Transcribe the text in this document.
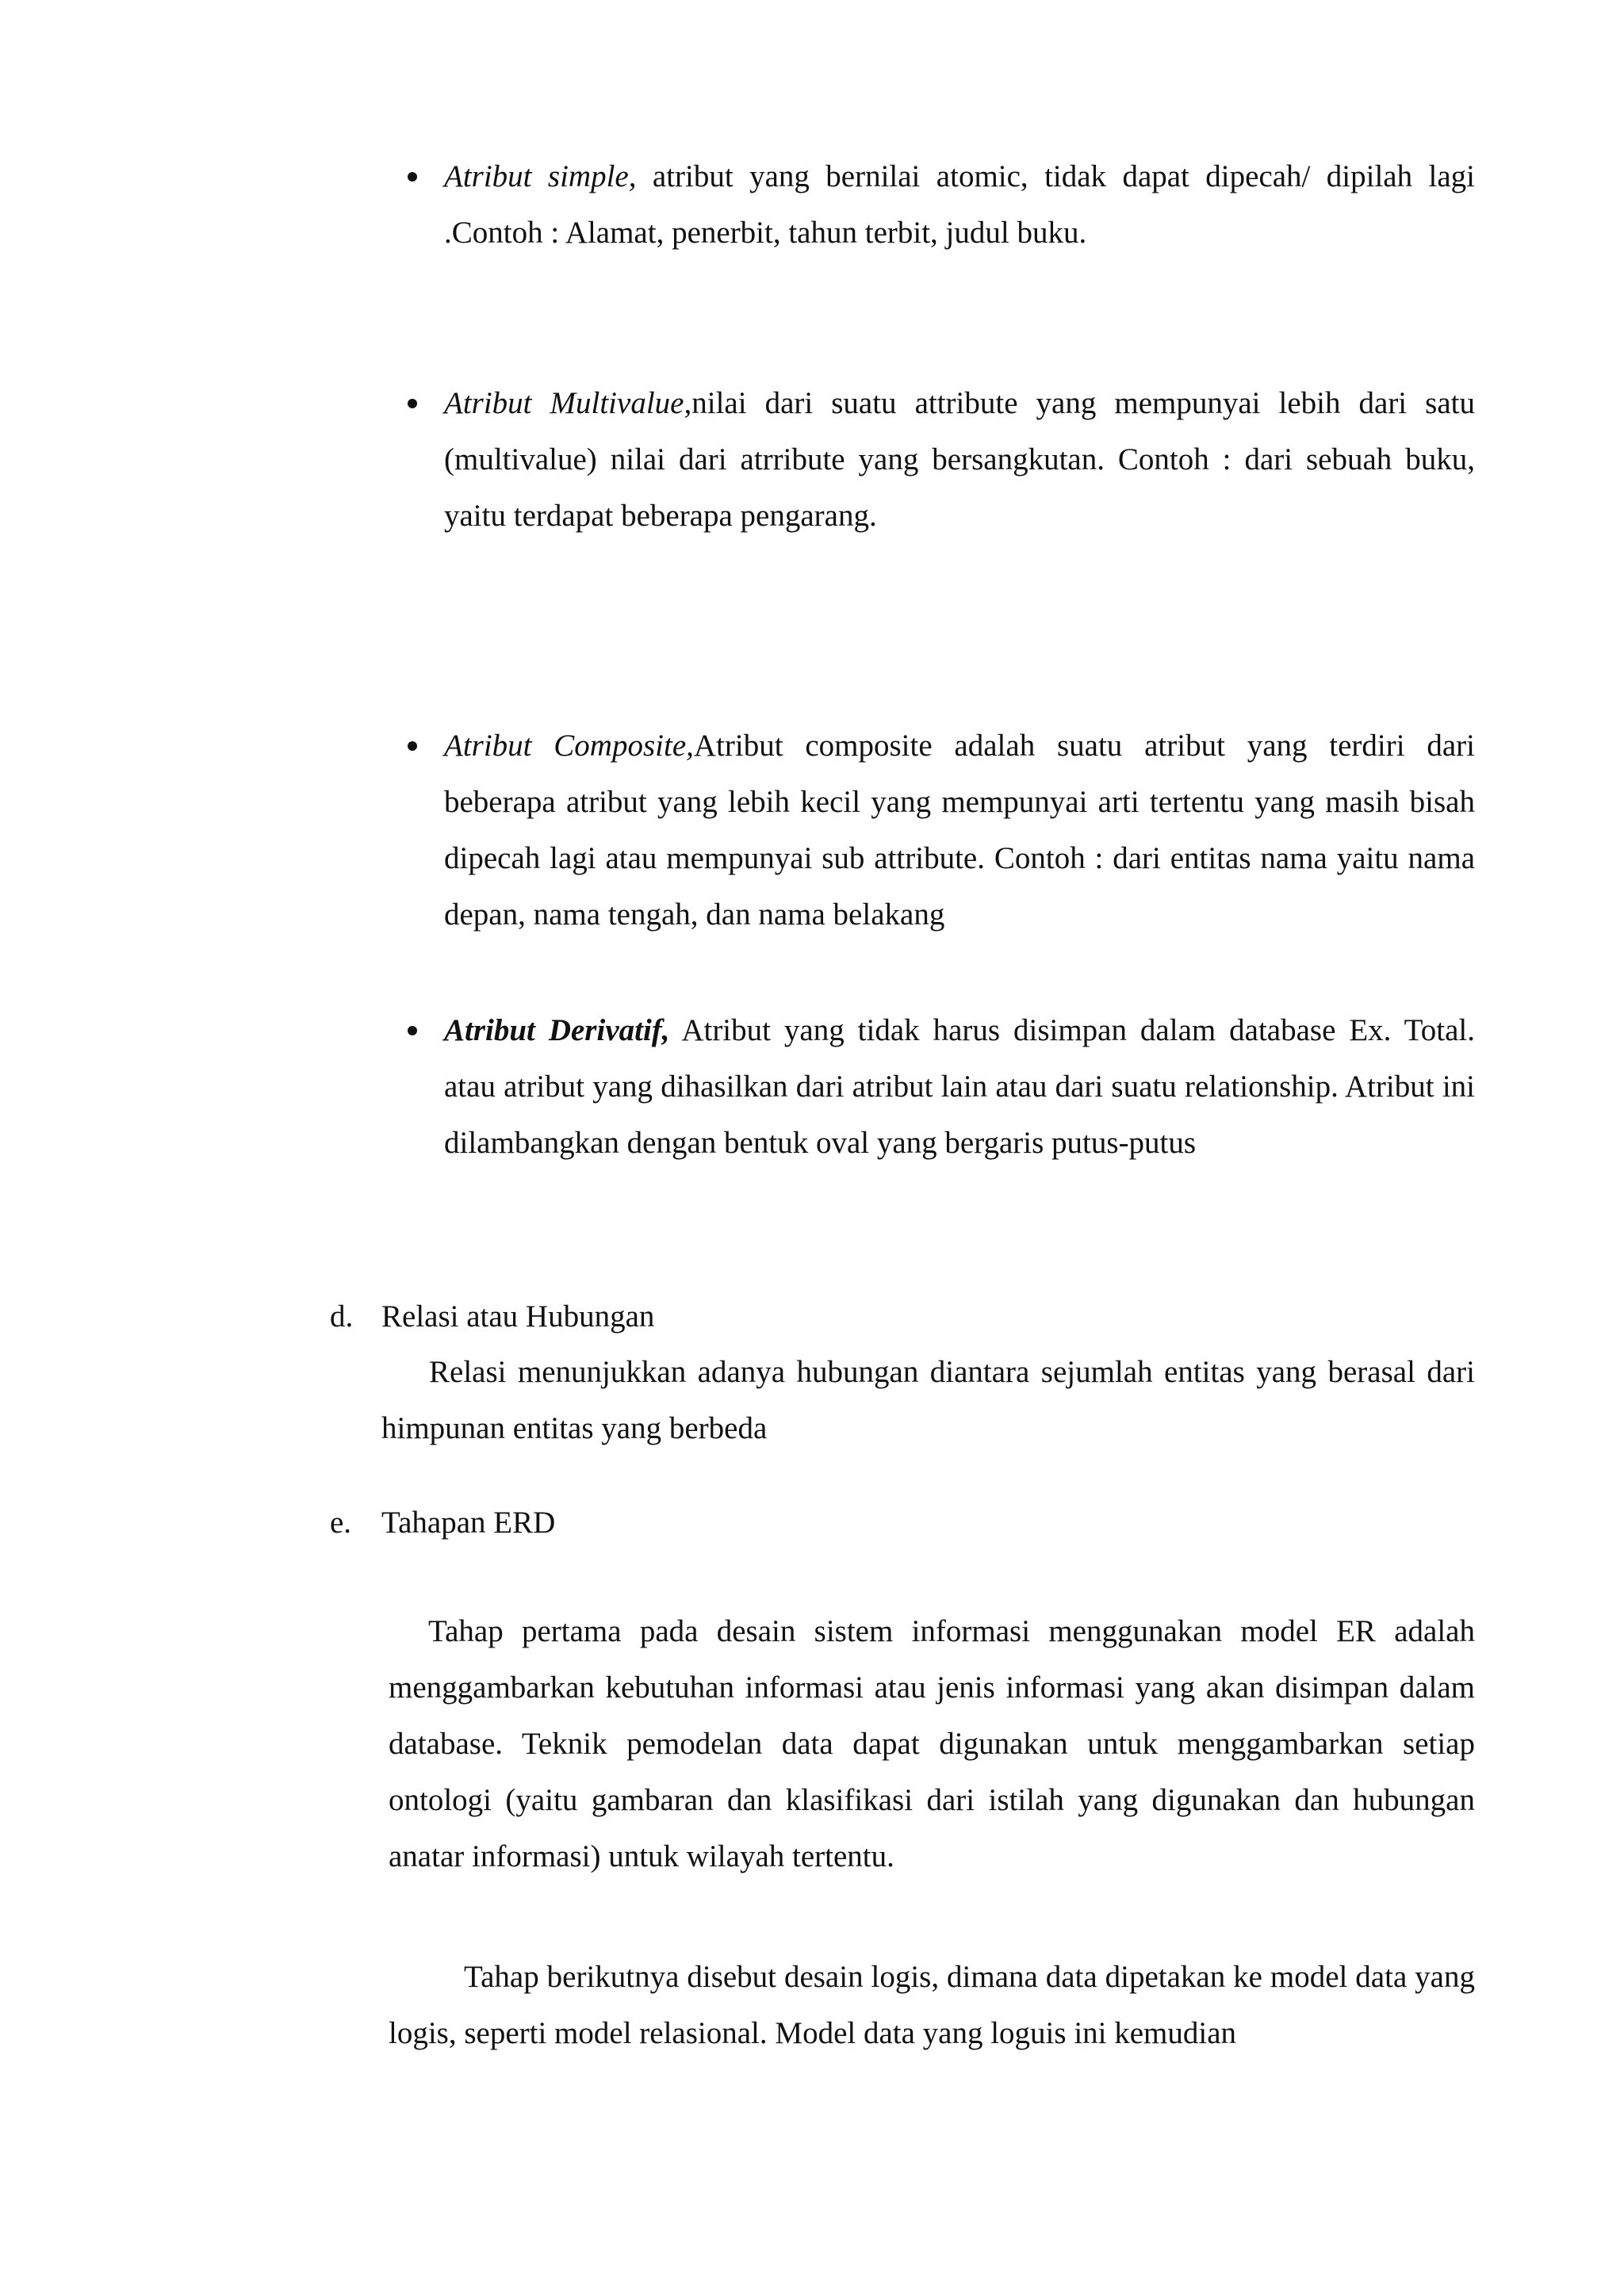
Atribut simple, atribut yang bernilai atomic, tidak dapat dipecah/ dipilah lagi .Contoh : Alamat, penerbit, tahun terbit, judul buku.
Atribut Multivalue,nilai dari suatu attribute yang mempunyai lebih dari satu (multivalue) nilai dari atrribute yang bersangkutan. Contoh : dari sebuah buku, yaitu terdapat beberapa pengarang.
Atribut Composite,Atribut composite adalah suatu atribut yang terdiri dari beberapa atribut yang lebih kecil yang mempunyai arti tertentu yang masih bisah dipecah lagi atau mempunyai sub attribute. Contoh : dari entitas nama yaitu nama depan, nama tengah, dan nama belakang
Atribut Derivatif, Atribut yang tidak harus disimpan dalam database Ex. Total. atau atribut yang dihasilkan dari atribut lain atau dari suatu relationship. Atribut ini dilambangkan dengan bentuk oval yang bergaris putus-putus
d. Relasi atau Hubungan
Relasi menunjukkan adanya hubungan diantara sejumlah entitas yang berasal dari himpunan entitas yang berbeda
e. Tahapan ERD
Tahap pertama pada desain sistem informasi menggunakan model ER adalah menggambarkan kebutuhan informasi atau jenis informasi yang akan disimpan dalam database. Teknik pemodelan data dapat digunakan untuk menggambarkan setiap ontologi (yaitu gambaran dan klasifikasi dari istilah yang digunakan dan hubungan anatar informasi) untuk wilayah tertentu.
Tahap berikutnya disebut desain logis, dimana data dipetakan ke model data yang logis, seperti model relasional. Model data yang loguis ini kemudian
